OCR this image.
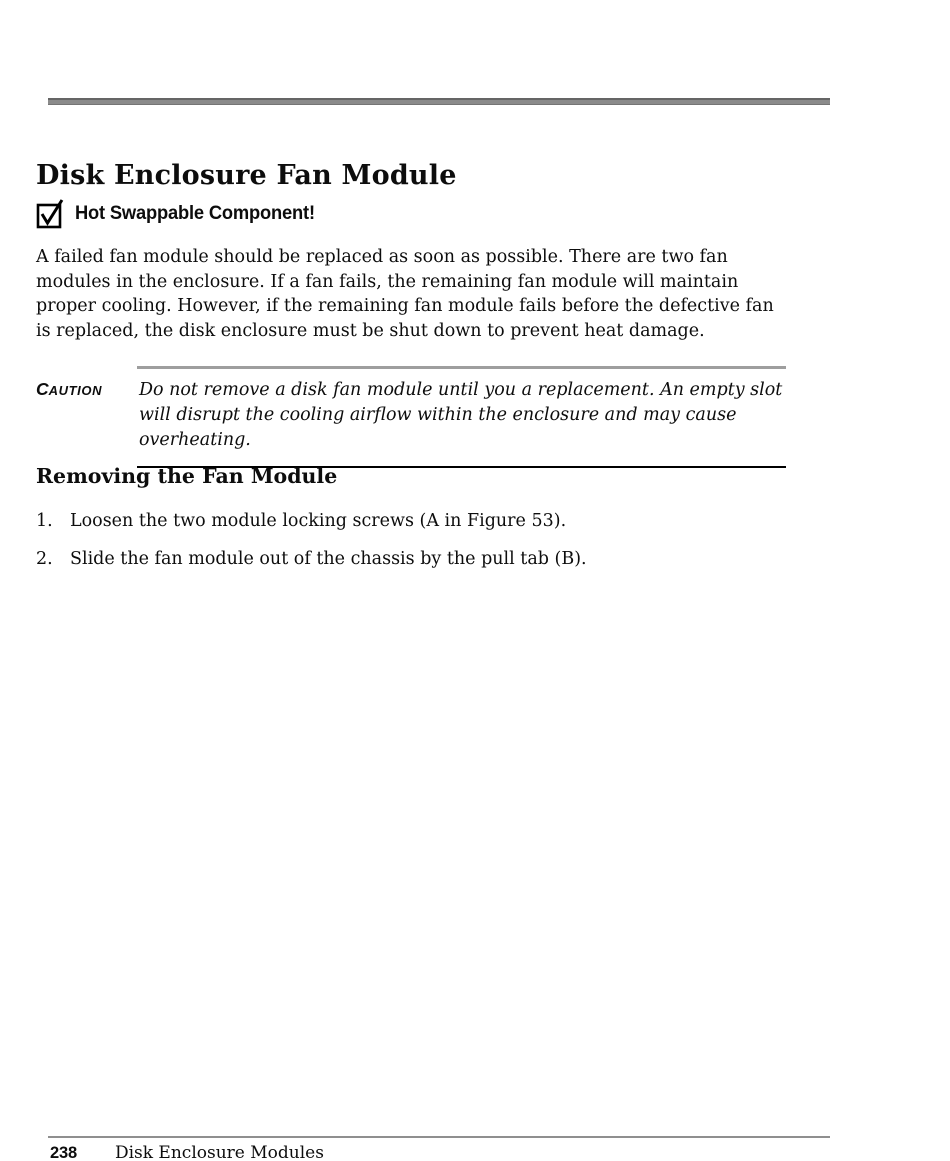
Disk Enclosure Fan Module
Hot Swappable Component!

A failed fan module should be replaced as soon as possible. There are two fan modules in the enclosure. If a fan fails, the remaining fan module will maintain proper cooling. However, if the remaining fan module fails before the defective fan is replaced, the disk enclosure must be shut down to prevent heat damage.

CAUTION	Do not remove a disk fan module until you a replacement. An empty slot will disrupt the cooling airflow within the enclosure and may cause overheating.
Removing the Fan Module
1. Loosen the two module locking screws (A in Figure 53).
2. Slide the fan module out of the chassis by the pull tab (B).
238 Disk Enclosure Modules
